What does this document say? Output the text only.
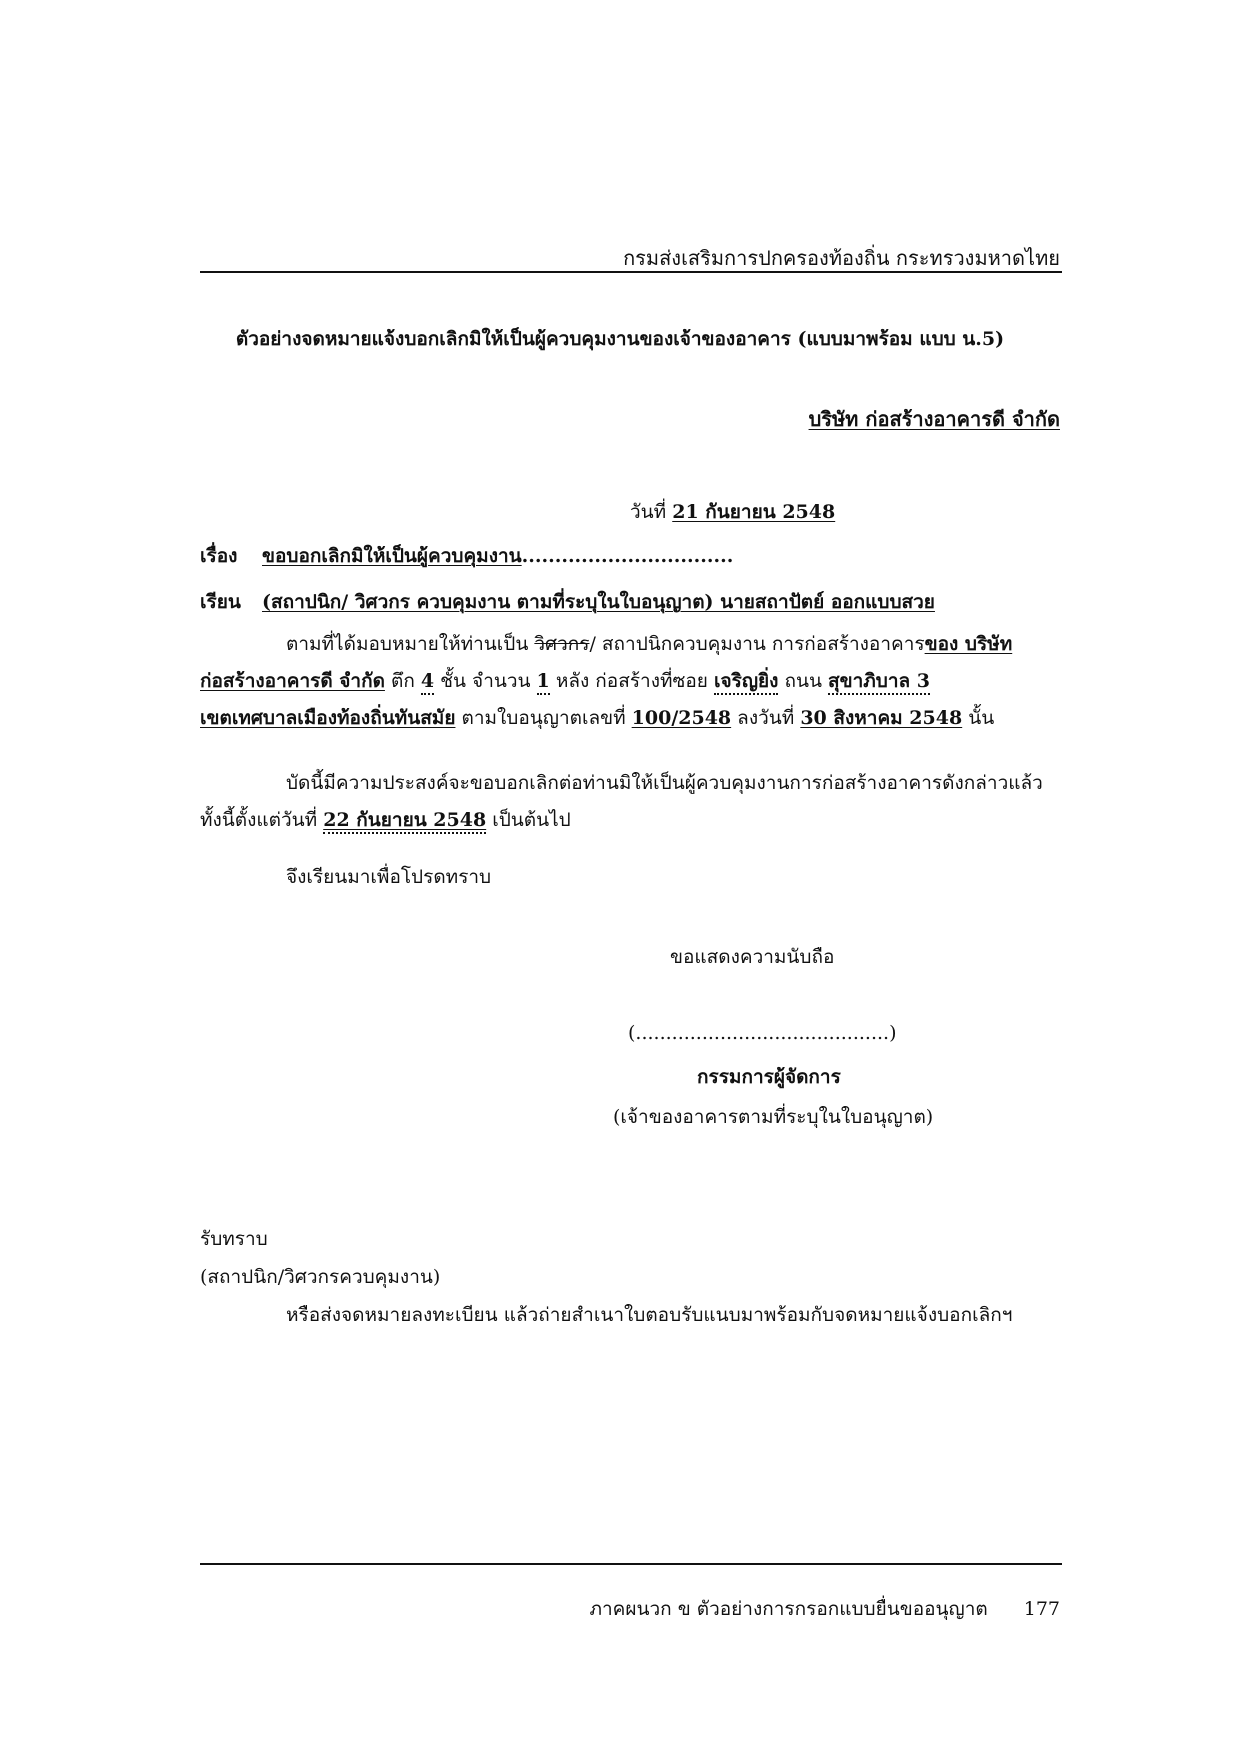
กรมส่งเสริมการปกครองท้องถิ่น กระทรวงมหาดไทย
ตัวอย่างจดหมายแจ้งบอกเลิกมิให้เป็นผู้ควบคุมงานของเจ้าของอาคาร (แบบมาพร้อม แบบ น.5)
บริษัท ก่อสร้างอาคารดี จำกัด
วันที่ 21 กันยายน 2548
เรื่อง ขอบอกเลิกมิให้เป็นผู้ควบคุมงาน................................
เรียน (สถาปนิก/ วิศวกร ควบคุมงาน ตามที่ระบุในใบอนุญาต) นายสถาปัตย์ ออกแบบสวย
ตามที่ได้มอบหมายให้ท่านเป็น วิศวกร/ สถาปนิกควบคุมงาน การก่อสร้างอาคารของ บริษัท
ก่อสร้างอาคารดี จำกัด ตึก 4 ชั้น จำนวน 1 หลัง ก่อสร้างที่ซอย เจริญยิ่ง ถนน สุขาภิบาล 3
เขตเทศบาลเมืองท้องถิ่นทันสมัย ตามใบอนุญาตเลขที่ 100/2548 ลงวันที่ 30 สิงหาคม 2548 นั้น
บัดนี้มีความประสงค์จะขอบอกเลิกต่อท่านมิให้เป็นผู้ควบคุมงานการก่อสร้างอาคารดังกล่าวแล้ว
ทั้งนี้ตั้งแต่วันที่ 22 กันยายน 2548 เป็นต้นไป
จึงเรียนมาเพื่อโปรดทราบ
ขอแสดงความนับถือ
(..........................................)
กรรมการผู้จัดการ
(เจ้าของอาคารตามที่ระบุในใบอนุญาต)
รับทราบ
(สถาปนิก/วิศวกรควบคุมงาน)
หรือส่งจดหมายลงทะเบียน แล้วถ่ายสำเนาใบตอบรับแนบมาพร้อมกับจดหมายแจ้งบอกเลิกฯ
ภาคผนวก ข ตัวอย่างการกรอกแบบยื่นขออนุญาต 177
